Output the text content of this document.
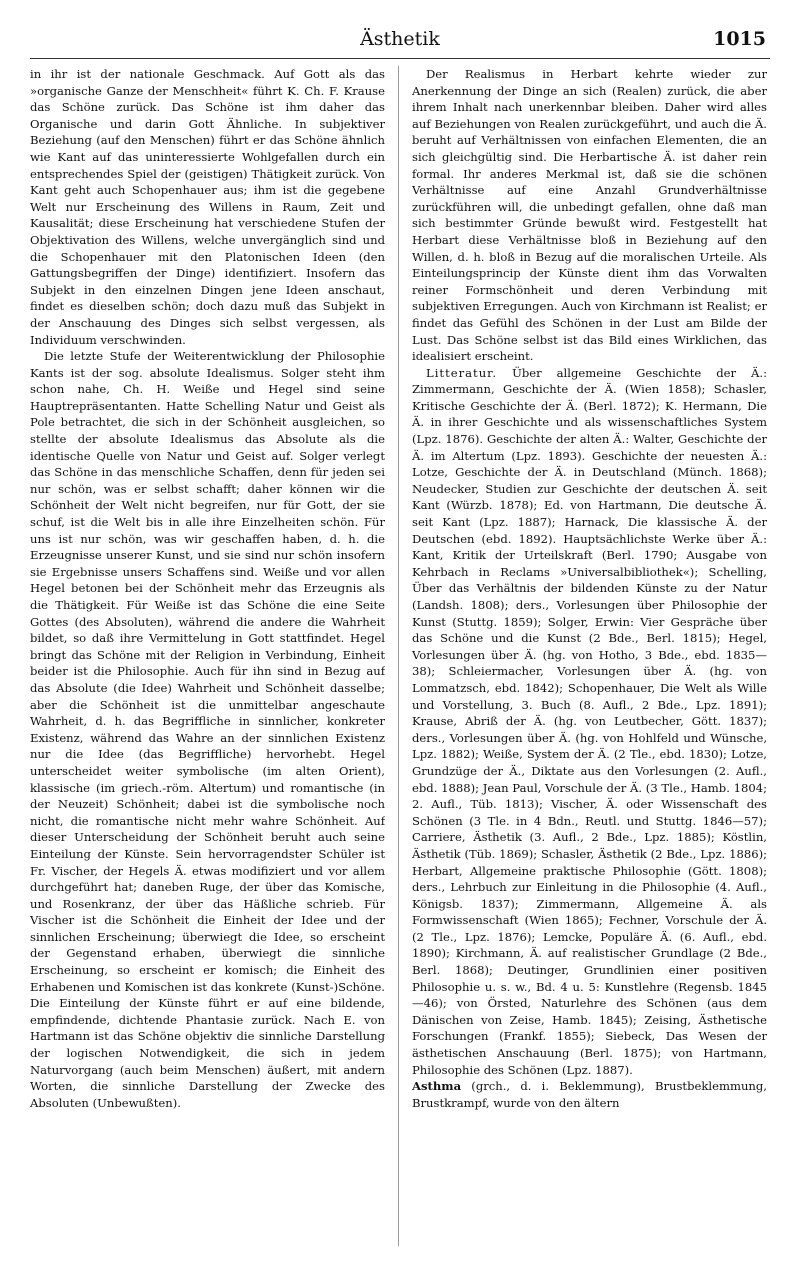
Ästhetik	1015

in ihr ist der nationale Geschmack. Auf Gott als das »organische Ganze der Menschheit« führt K. Ch. F. Krause das Schöne zurück. Das Schöne ist ihm daher das Organische und darin Gott Ähnliche. In subjektiver Beziehung (auf den Menschen) führt er das Schöne ähnlich wie Kant auf das uninteressierte Wohlgefallen durch ein entsprechendes Spiel der (geistigen) Thätigkeit zurück. Von Kant geht auch Schopenhauer aus; ihm ist die gegebene Welt nur Erscheinung des Willens in Raum, Zeit und Kausalität; diese Erscheinung hat verschiedene Stufen der Objektivation des Willens, welche unvergänglich sind und die Schopenhauer mit den Platonischen Ideen (den Gattungsbegriffen der Dinge) identifiziert. Insofern das Subjekt in den einzelnen Dingen jene Ideen anschaut, findet es dieselben schön; doch dazu muß das Subjekt in der Anschauung des Dinges sich selbst vergessen, als Individuum verschwinden.

Die letzte Stufe der Weiterentwicklung der Philosophie Kants ist der sog. absolute Idealismus. Solger steht ihm schon nahe, Ch. H. Weiße und Hegel sind seine Hauptrepräsentanten. Hatte Schelling Natur und Geist als Pole betrachtet, die sich in der Schönheit ausgleichen, so stellte der absolute Idealismus das Absolute als die identische Quelle von Natur und Geist auf. Solger verlegt das Schöne in das menschliche Schaffen, denn für jeden sei nur schön, was er selbst schafft; daher können wir die Schönheit der Welt nicht begreifen, nur für Gott, der sie schuf, ist die Welt bis in alle ihre Einzelheiten schön. Für uns ist nur schön, was wir geschaffen haben, d. h. die Erzeugnisse unserer Kunst, und sie sind nur schön insofern sie Ergebnisse unsers Schaffens sind. Weiße und vor allen Hegel betonen bei der Schönheit mehr das Erzeugnis als die Thätigkeit. Für Weiße ist das Schöne die eine Seite Gottes (des Absoluten), während die andere die Wahrheit bildet, so daß ihre Vermittelung in Gott stattfindet. Hegel bringt das Schöne mit der Religion in Verbindung, Einheit beider ist die Philosophie. Auch für ihn sind in Bezug auf das Absolute (die Idee) Wahrheit und Schönheit dasselbe; aber die Schönheit ist die unmittelbar angeschaute Wahrheit, d. h. das Begriffliche in sinnlicher, konkreter Existenz, während das Wahre an der sinnlichen Existenz nur die Idee (das Begriffliche) hervorhebt. Hegel unterscheidet weiter symbolische (im alten Orient), klassische (im griech.-röm. Altertum) und romantische (in der Neuzeit) Schönheit; dabei ist die symbolische noch nicht, die romantische nicht mehr wahre Schönheit. Auf dieser Unterscheidung der Schönheit beruht auch seine Einteilung der Künste. Sein hervorragendster Schüler ist Fr. Vischer, der Hegels Ä. etwas modifiziert und vor allem durchgeführt hat; daneben Ruge, der über das Komische, und Rosenkranz, der über das Häßliche schrieb. Für Vischer ist die Schönheit die Einheit der Idee und der sinnlichen Erscheinung; überwiegt die Idee, so erscheint der Gegenstand erhaben, überwiegt die sinnliche Erscheinung, so erscheint er komisch; die Einheit des Erhabenen und Komischen ist das konkrete (Kunst-)Schöne. Die Einteilung der Künste führt er auf eine bildende, empfindende, dichtende Phantasie zurück. Nach E. von Hartmann ist das Schöne objektiv die sinnliche Darstellung der logischen Notwendigkeit, die sich in jedem Naturvorgang (auch beim Menschen) äußert, mit andern Worten, die sinnliche Darstellung der Zwecke des Absoluten (Unbewußten).

Der Realismus in Herbart kehrte wieder zur Anerkennung der Dinge an sich (Realen) zurück, die aber ihrem Inhalt nach unerkennbar bleiben. Daher wird alles auf Beziehungen von Realen zurückgeführt, und auch die Ä. beruht auf Verhältnissen von einfachen Elementen, die an sich gleichgültig sind. Die Herbartische Ä. ist daher rein formal. Ihr anderes Merkmal ist, daß sie die schönen Verhältnisse auf eine Anzahl Grundverhältnisse zurückführen will, die unbedingt gefallen, ohne daß man sich bestimmter Gründe bewußt wird. Festgestellt hat Herbart diese Verhältnisse bloß in Beziehung auf den Willen, d. h. bloß in Bezug auf die moralischen Urteile. Als Einteilungsprincip der Künste dient ihm das Vorwalten reiner Formschönheit und deren Verbindung mit subjektiven Erregungen. Auch von Kirchmann ist Realist; er findet das Gefühl des Schönen in der Lust am Bilde der Lust. Das Schöne selbst ist das Bild eines Wirklichen, das idealisiert erscheint.

Litteratur. Über allgemeine Geschichte der Ä.: Zimmermann, Geschichte der Ä. (Wien 1858); Schasler, Kritische Geschichte der Ä. (Berl. 1872); K. Hermann, Die Ä. in ihrer Geschichte und als wissenschaftliches System (Lpz. 1876). Geschichte der alten Ä.: Walter, Geschichte der Ä. im Altertum (Lpz. 1893). Geschichte der neuesten Ä.: Lotze, Geschichte der Ä. in Deutschland (Münch. 1868); Neudecker, Studien zur Geschichte der deutschen Ä. seit Kant (Würzb. 1878); Ed. von Hartmann, Die deutsche Ä. seit Kant (Lpz. 1887); Harnack, Die klassische Ä. der Deutschen (ebd. 1892). Hauptsächlichste Werke über Ä.: Kant, Kritik der Urteilskraft (Berl. 1790; Ausgabe von Kehrbach in Reclams »Universalbibliothek«); Schelling, Über das Verhältnis der bildenden Künste zu der Natur (Landsh. 1808); ders., Vorlesungen über Philosophie der Kunst (Stuttg. 1859); Solger, Erwin: Vier Gespräche über das Schöne und die Kunst (2 Bde., Berl. 1815); Hegel, Vorlesungen über Ä. (hg. von Hotho, 3 Bde., ebd. 1835—38); Schleiermacher, Vorlesungen über Ä. (hg. von Lommatzsch, ebd. 1842); Schopenhauer, Die Welt als Wille und Vorstellung, 3. Buch (8. Aufl., 2 Bde., Lpz. 1891); Krause, Abriß der Ä. (hg. von Leutbecher, Gött. 1837); ders., Vorlesungen über Ä. (hg. von Hohlfeld und Wünsche, Lpz. 1882); Weiße, System der Ä. (2 Tle., ebd. 1830); Lotze, Grundzüge der Ä., Diktate aus den Vorlesungen (2. Aufl., ebd. 1888); Jean Paul, Vorschule der Ä. (3 Tle., Hamb. 1804; 2. Aufl., Tüb. 1813); Vischer, Ä. oder Wissenschaft des Schönen (3 Tle. in 4 Bdn., Reutl. und Stuttg. 1846—57); Carriere, Ästhetik (3. Aufl., 2 Bde., Lpz. 1885); Köstlin, Ästhetik (Tüb. 1869); Schasler, Ästhetik (2 Bde., Lpz. 1886); Herbart, Allgemeine praktische Philosophie (Gött. 1808); ders., Lehrbuch zur Einleitung in die Philosophie (4. Aufl., Königsb. 1837); Zimmermann, Allgemeine Ä. als Formwissenschaft (Wien 1865); Fechner, Vorschule der Ä. (2 Tle., Lpz. 1876); Lemcke, Populäre Ä. (6. Aufl., ebd. 1890); Kirchmann, Ä. auf realistischer Grundlage (2 Bde., Berl. 1868); Deutinger, Grundlinien einer positiven Philosophie u. s. w., Bd. 4 u. 5: Kunstlehre (Regensb. 1845—46); von Örsted, Naturlehre des Schönen (aus dem Dänischen von Zeise, Hamb. 1845); Zeising, Ästhetische Forschungen (Frankf. 1855); Siebeck, Das Wesen der ästhetischen Anschauung (Berl. 1875); von Hartmann, Philosophie des Schönen (Lpz. 1887).

Asthma (grch., d. i. Beklemmung), Brustbeklemmung, Brustkrampf, wurde von den ältern
